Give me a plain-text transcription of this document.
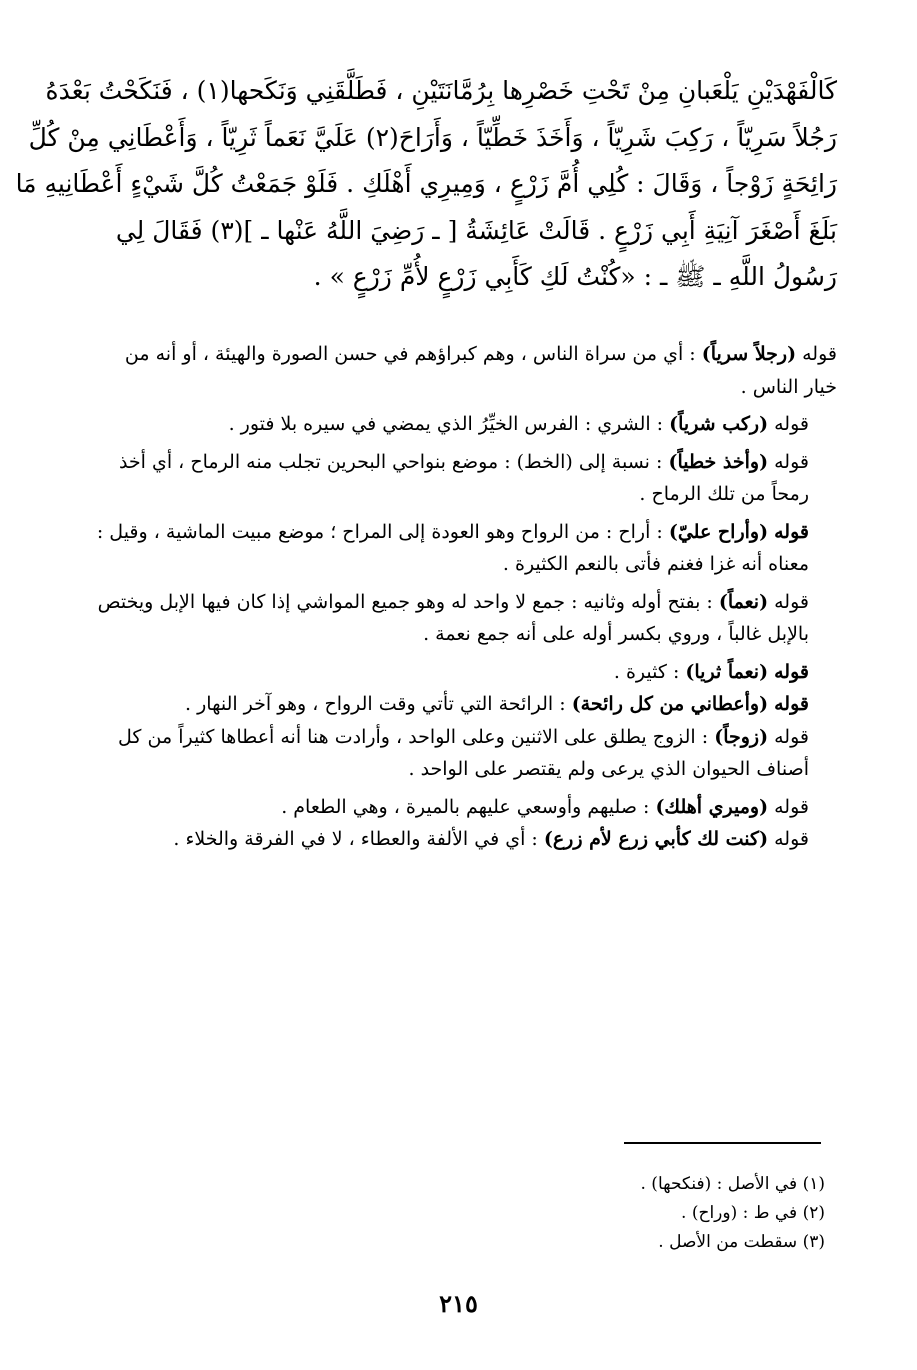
كَالْفَهْدَيْنِ يَلْعَبانِ مِنْ تَحْتِ خَصْرِها بِرُمَّانَتَيْنِ ، فَطَلَّقَنِي وَنَكَحها(١) ، فَنَكَحْتُ بَعْدَهُ
رَجُلاً سَرِيّاً ، رَكِبَ شَرِيّاً ، وَأَخَذَ خَطِّيّاً ، وَأَرَاحَ(٢) عَلَيَّ نَعَماً ثَرِيّاً ، وَأَعْطَانِي مِنْ كُلِّ
رَائِحَةٍ زَوْجاً ، وَقَالَ : كُلِي أُمَّ زَرْعٍ ، وَمِيرِي أَهْلَكِ . فَلَوْ جَمَعْتُ كُلَّ شَيْءٍ أَعْطَانِيهِ مَا
بَلَغَ أَصْغَرَ آنِيَةِ أَبِي زَرْعٍ . قَالَتْ عَائِشَةُ [ ـ رَضِيَ اللَّهُ عَنْها ـ ](٣) فَقَالَ لِي
رَسُولُ اللَّهِ ـ ﷺ ـ : «كُنْتُ لَكِ كَأَبِي زَرْعٍ لأُمِّ زَرْعٍ » .

قوله (رجلاً سرياً) : أي من سراة الناس ، وهم كبراؤهم في حسن الصورة والهيئة ، أو أنه من خيار الناس .

قوله (ركب شرياً) : الشري : الفرس الخيِّرُ الذي يمضي في سيره بلا فتور .

قوله (وأخذ خطياً) : نسبة إلى (الخط) : موضع بنواحي البحرين تجلب منه الرماح ، أي أخذ رمحاً من تلك الرماح .

قوله (وأراح عليّ) : أراح : من الرواح وهو العودة إلى المراح ؛ موضع مبيت الماشية ، وقيل : معناه أنه غزا فغنم فأتى بالنعم الكثيرة .

قوله (نعماً) : بفتح أوله وثانيه : جمع لا واحد له وهو جميع المواشي إذا كان فيها الإبل ويختص بالإبل غالباً ، وروي بكسر أوله على أنه جمع نعمة .

قوله (نعماً ثريا) : كثيرة .

قوله (وأعطاني من كل رائحة) : الرائحة التي تأتي وقت الرواح ، وهو آخر النهار .

قوله (زوجاً) : الزوج يطلق على الاثنين وعلى الواحد ، وأرادت هنا أنه أعطاها كثيراً من كل أصناف الحيوان الذي يرعى ولم يقتصر على الواحد .

قوله (وميري أهلك) : صليهم وأوسعي عليهم بالميرة ، وهي الطعام .

قوله (كنت لك كأبي زرع لأم زرع) : أي في الألفة والعطاء ، لا في الفرقة والخلاء .

(١) في الأصل : (فنكحها) .
(٢) في ط : (وراح) .
(٣) سقطت من الأصل .
٢١٥
